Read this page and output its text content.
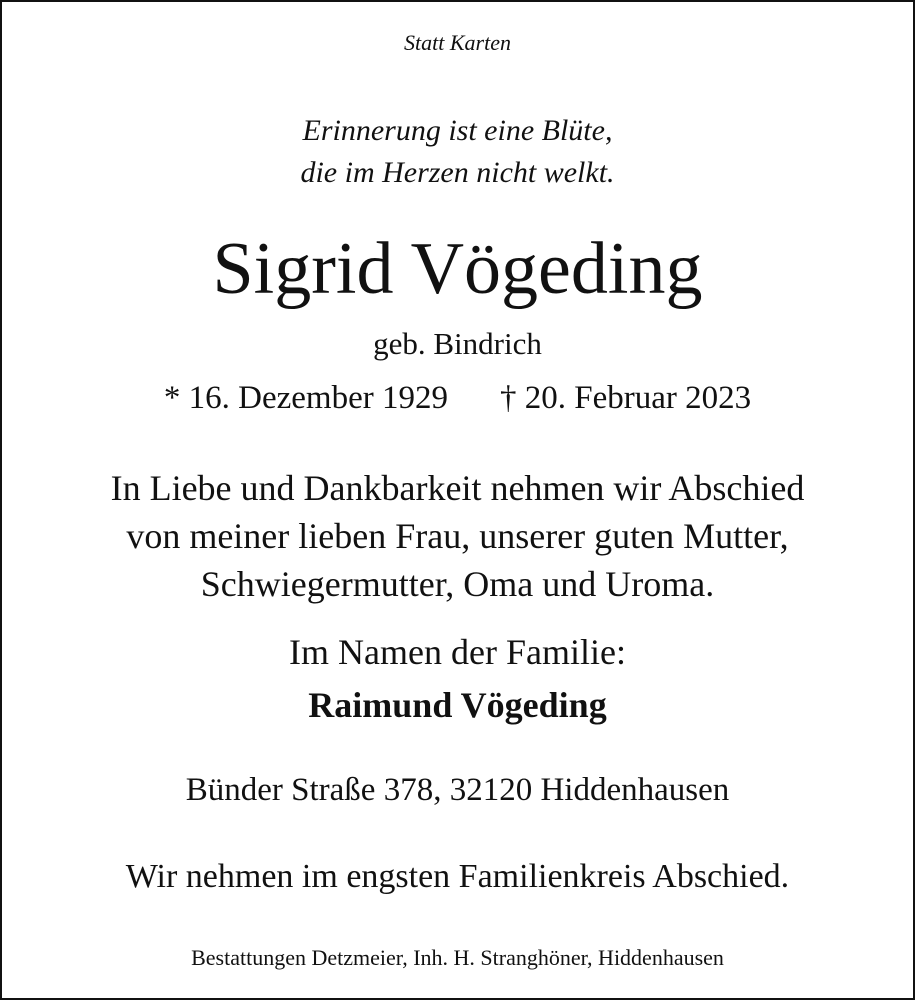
Statt Karten
Erinnerung ist eine Blüte,
die im Herzen nicht welkt.
Sigrid Vögeding
geb. Bindrich
* 16. Dezember 1929 † 20. Februar 2023
In Liebe und Dankbarkeit nehmen wir Abschied
von meiner lieben Frau, unserer guten Mutter,
Schwiegermutter, Oma und Uroma.
Im Namen der Familie:
Raimund Vögeding
Bünder Straße 378, 32120 Hiddenhausen
Wir nehmen im engsten Familienkreis Abschied.
Bestattungen Detzmeier, Inh. H. Stranghöner, Hiddenhausen
